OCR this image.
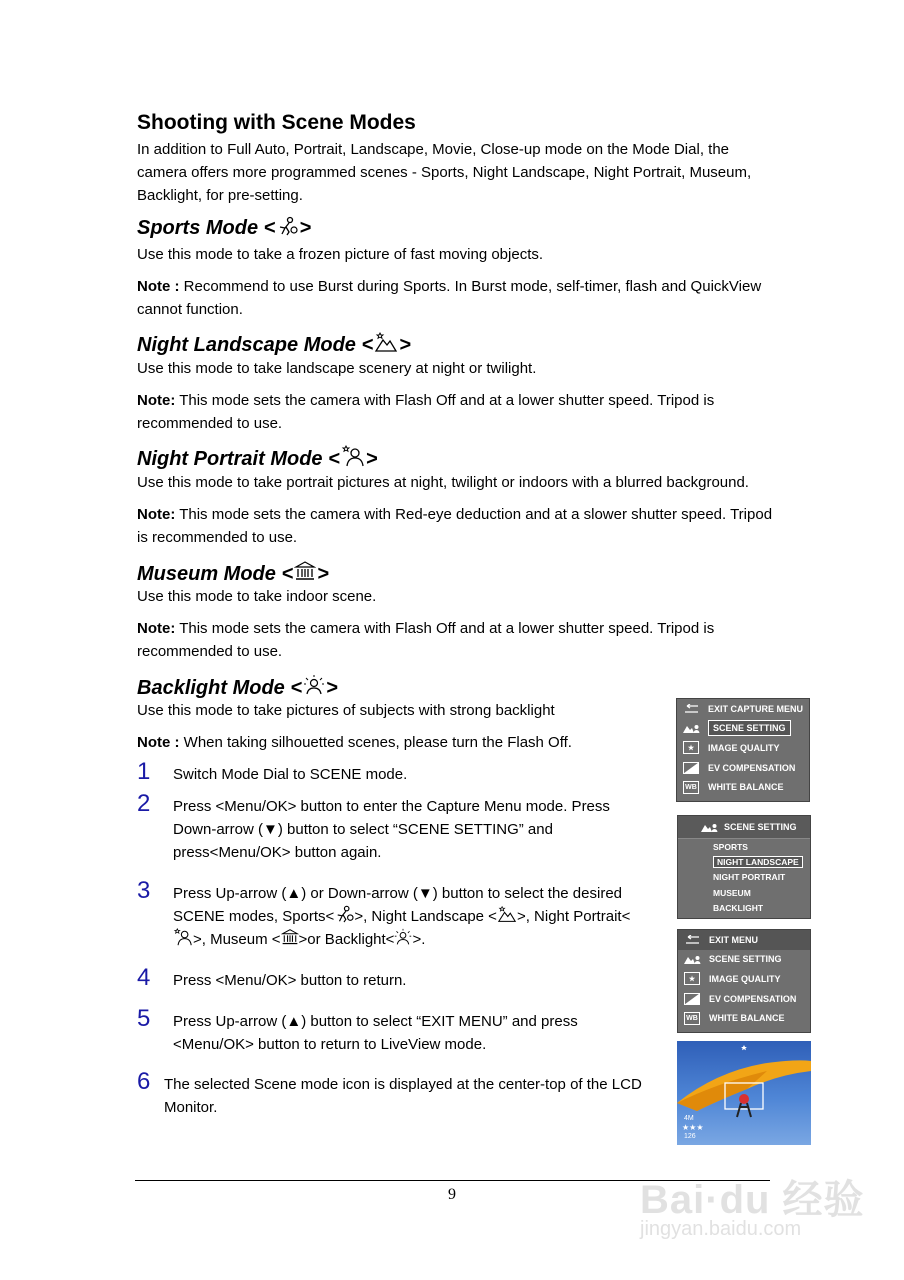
Shooting with Scene Modes
In addition to Full Auto, Portrait, Landscape, Movie, Close-up mode on the Mode Dial, the camera offers more programmed scenes - Sports, Night Landscape, Night Portrait, Museum, Backlight, for pre-setting.
Sports Mode < >
Use this mode to take a frozen picture of fast moving objects.
Note : Recommend to use Burst during Sports. In Burst mode, self-timer, flash and QuickView cannot function.
Night Landscape Mode < >
Use this mode to take landscape scenery at night or twilight.
Note: This mode sets the camera with Flash Off and at a lower shutter speed. Tripod is recommended to use.
Night Portrait Mode < >
Use this mode to take portrait pictures at night, twilight or indoors with a blurred background.
Note: This mode sets the camera with Red-eye deduction and at a slower shutter speed. Tripod is recommended to use.
Museum Mode < >
Use this mode to take indoor scene.
Note: This mode sets the camera with Flash Off and at a lower shutter speed. Tripod is recommended to use.
Backlight Mode < >
Use this mode to take pictures of subjects with strong backlight
Note : When taking silhouetted scenes, please turn the Flash Off.
1 Switch Mode Dial to SCENE mode.
2 Press <Menu/OK> button to enter the Capture Menu mode. Press Down-arrow (▼) button to select “SCENE SETTING” and press<Menu/OK> button again.
3 Press Up-arrow (▲) or Down-arrow (▼) button to select the desired SCENE modes, Sports< >, Night Landscape < >, Night Portrait<>, Museum < >or Backlight< >.
4 Press <Menu/OK> button to return.
5 Press Up-arrow (▲) button to select “EXIT MENU” and press <Menu/OK> button to return to LiveView mode.
6 The selected Scene mode icon is displayed at the center-top of the LCD Monitor.
EXIT CAPTURE MENU
SCENE SETTING
★	IMAGE QUALITY
EV COMPENSATION
WB WHITE BALANCE
SCENE SETTING
SPORTS
NIGHT LANDSCAPE
NIGHT PORTRAIT
MUSEUM
BACKLIGHT
EXIT MENU
SCENE SETTING
★	IMAGE QUALITY
EV COMPENSATION
WB WHITE BALANCE
4M
★★★
126
9	Bai·du 经验
jingyan.baidu.com
